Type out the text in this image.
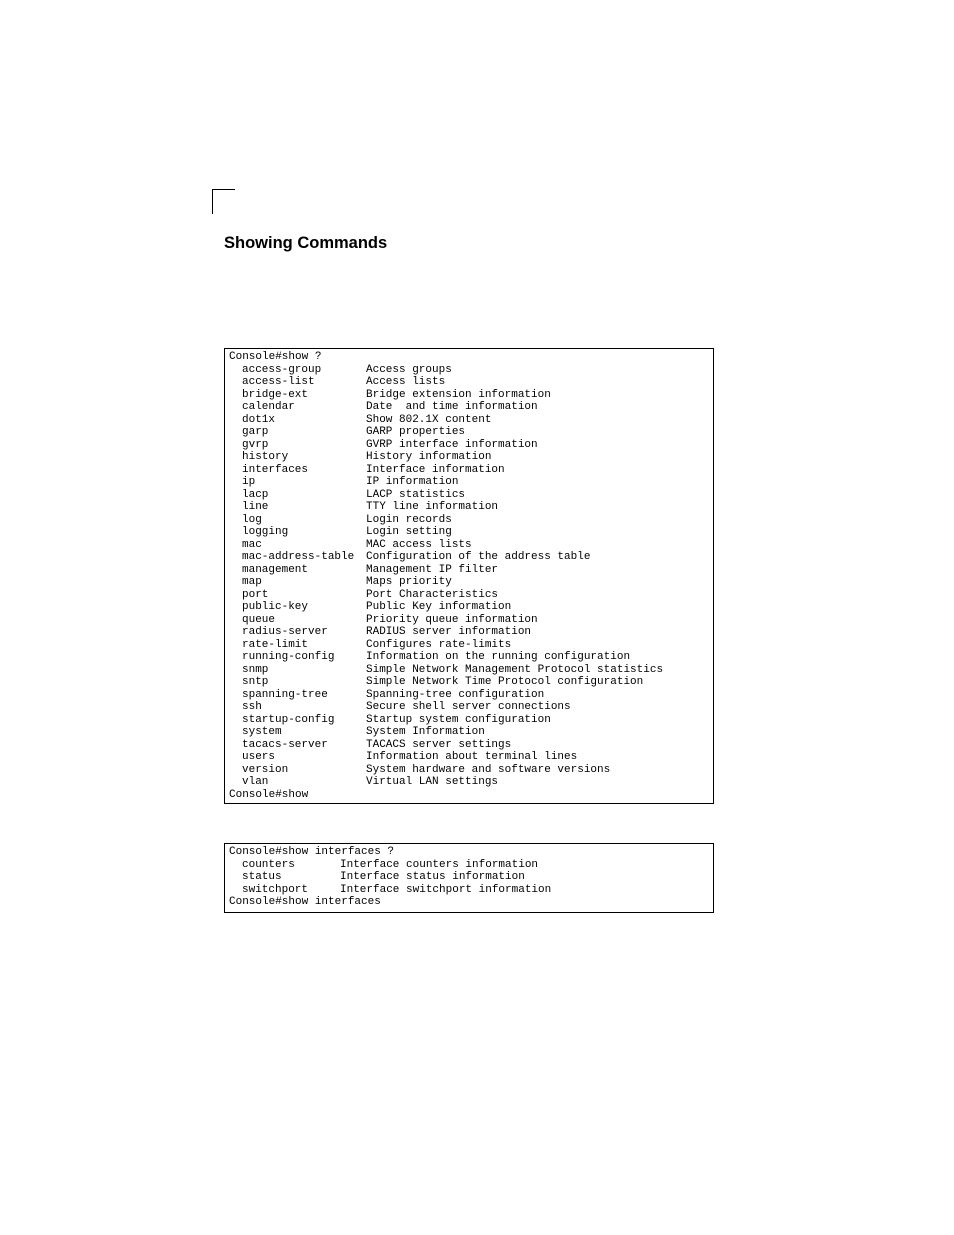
Showing Commands
Console#show ?
access-group	Access groups
access-list	Access lists
bridge-ext	Bridge extension information
calendar	Date  and time information
dot1x	Show 802.1X content
garp	GARP properties
gvrp	GVRP interface information
history	History information
interfaces	Interface information
ip	IP information
lacp	LACP statistics
line	TTY line information
log	Login records
logging	Login setting
mac	MAC access lists
mac-address-table	Configuration of the address table
management	Management IP filter
map	Maps priority
port	Port Characteristics
public-key	Public Key information
queue	Priority queue information
radius-server	RADIUS server information
rate-limit	Configures rate-limits
running-config	Information on the running configuration
snmp	Simple Network Management Protocol statistics
sntp	Simple Network Time Protocol configuration
spanning-tree	Spanning-tree configuration
ssh	Secure shell server connections
startup-config	Startup system configuration
system	System Information
tacacs-server	TACACS server settings
users	Information about terminal lines
version	System hardware and software versions
vlan	Virtual LAN settings
Console#show
Console#show interfaces ?
counters	Interface counters information
status	Interface status information
switchport	Interface switchport information
Console#show interfaces
